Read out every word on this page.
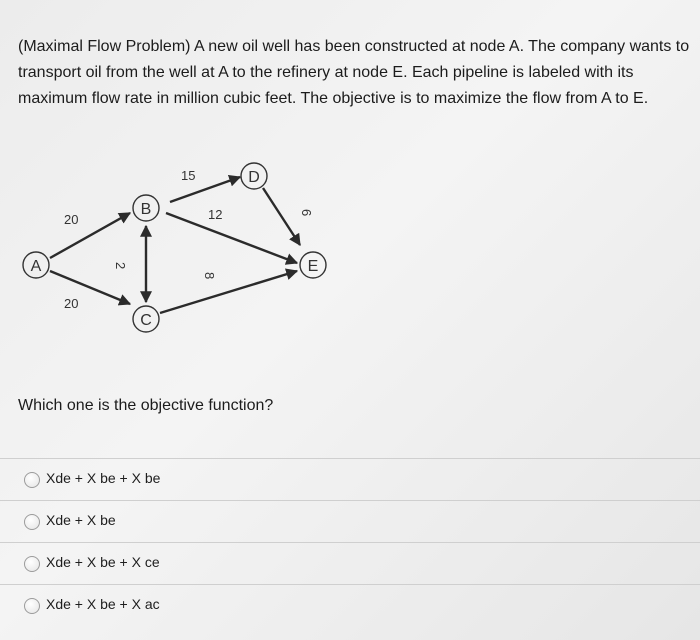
(Maximal Flow Problem) A new oil well has been constructed at node A. The company wants to transport oil from the well at A to the refinery at node E. Each pipeline is labeled with its maximum flow rate in million cubic feet. The objective is to maximize the flow from A to E.

20
20
2
15
12
8
6
A
B
C
D
E
Which one is the objective function?
Xde + X be + X be
Xde + X be
Xde + X be + X ce
Xde + X be + X ac
